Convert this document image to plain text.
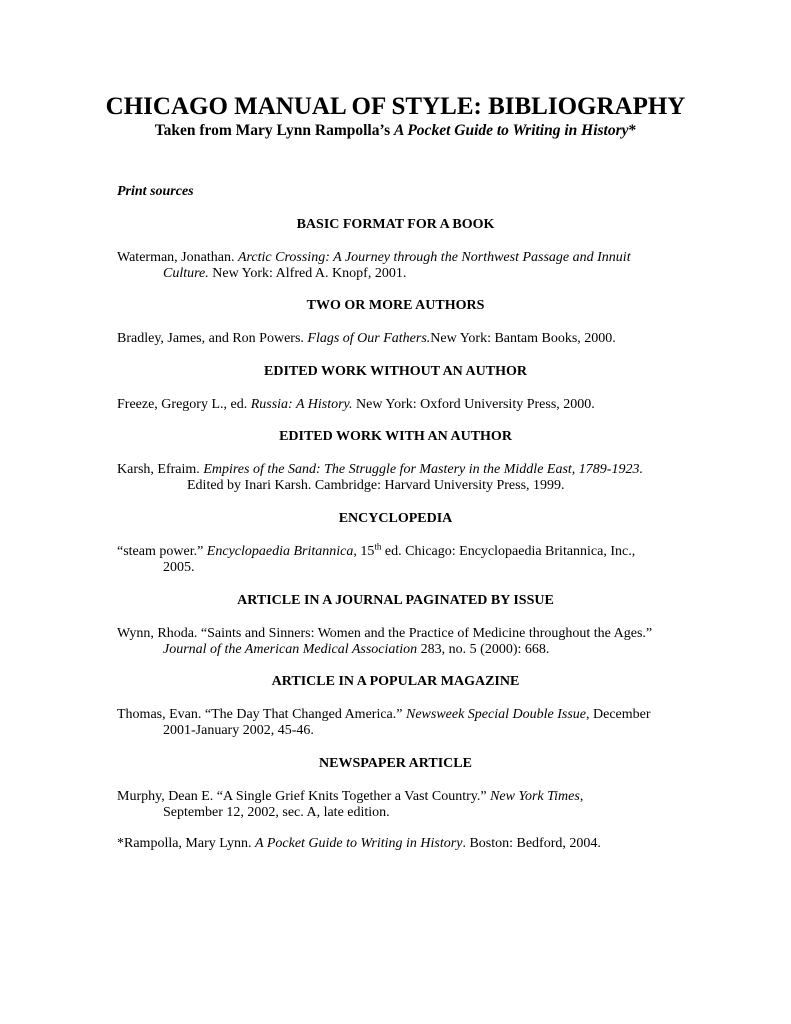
CHICAGO MANUAL OF STYLE: BIBLIOGRAPHY
Taken from Mary Lynn Rampolla’s A Pocket Guide to Writing in History*
Print sources
BASIC FORMAT FOR A BOOK
Waterman, Jonathan. Arctic Crossing: A Journey through the Northwest Passage and Innuit
Culture. New York: Alfred A. Knopf, 2001.
TWO OR MORE AUTHORS
Bradley, James, and Ron Powers. Flags of Our Fathers.New York: Bantam Books, 2000.
EDITED WORK WITHOUT AN AUTHOR
Freeze, Gregory L., ed. Russia: A History. New York: Oxford University Press, 2000.
EDITED WORK WITH AN AUTHOR
Karsh, Efraim. Empires of the Sand: The Struggle for Mastery in the Middle East, 1789-1923.
Edited by Inari Karsh. Cambridge: Harvard University Press, 1999.
ENCYCLOPEDIA
“steam power.” Encyclopaedia Britannica, 15th ed. Chicago: Encyclopaedia Britannica, Inc.,
2005.
ARTICLE IN A JOURNAL PAGINATED BY ISSUE
Wynn, Rhoda. “Saints and Sinners: Women and the Practice of Medicine throughout the Ages.”
Journal of the American Medical Association 283, no. 5 (2000): 668.
ARTICLE IN A POPULAR MAGAZINE
Thomas, Evan. “The Day That Changed America.” Newsweek Special Double Issue, December
2001-January 2002, 45-46.
NEWSPAPER ARTICLE
Murphy, Dean E. “A Single Grief Knits Together a Vast Country.” New York Times,
September 12, 2002, sec. A, late edition.
*Rampolla, Mary Lynn. A Pocket Guide to Writing in History. Boston: Bedford, 2004.
